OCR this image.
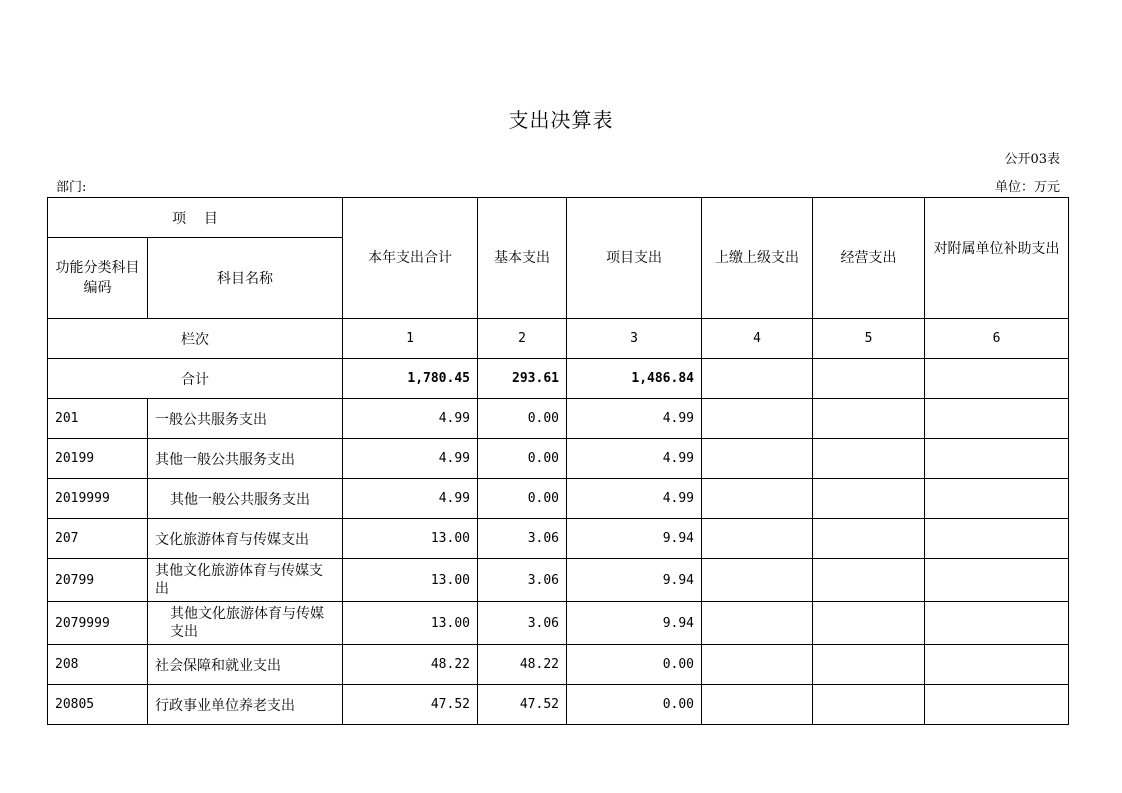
支出决算表
公开03表
部门:	单位：万元
项    目		本年支出合计	基本支出	项目支出	上缴上级支出	经营支出	对附属单位补助支出
功能分类科目编码	科目名称						
栏次		1	2	3	4	5	6
合计		1,780.45	293.61	1,486.84			
201	一般公共服务支出	4.99	0.00	4.99			
20199	其他一般公共服务支出	4.99	0.00	4.99			
2019999	其他一般公共服务支出	4.99	0.00	4.99			
207	文化旅游体育与传媒支出	13.00	3.06	9.94			
20799	其他文化旅游体育与传媒支出	13.00	3.06	9.94			
2079999	其他文化旅游体育与传媒支出	13.00	3.06	9.94			
208	社会保障和就业支出	48.22	48.22	0.00			
20805	行政事业单位养老支出	47.52	47.52	0.00			
